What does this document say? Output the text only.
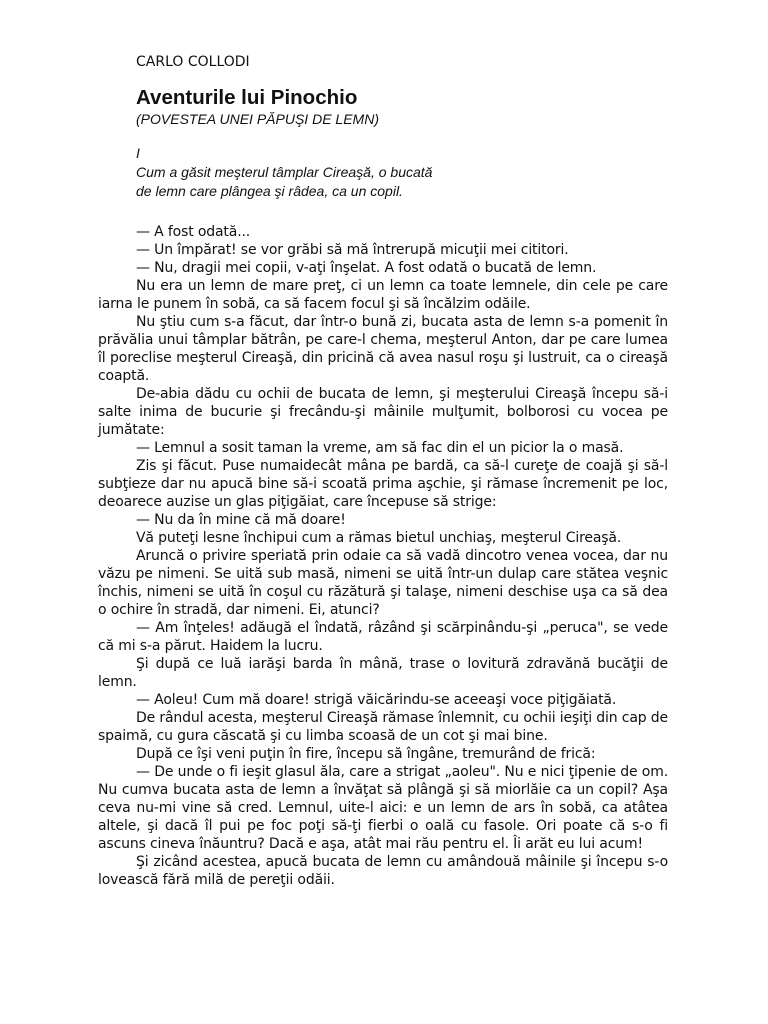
CARLO COLLODI

Aventurile lui Pinochio

(POVESTEA UNEI PĂPUŞI DE LEMN)

I

Cum a găsit meşterul tâmplar Cireaşă, o bucată
de lemn care plângea şi râdea, ca un copil.

— A fost odată...

— Un împărat! se vor grăbi să mă întrerupă micuţii mei cititori.

— Nu, dragii mei copii, v-aţi înşelat. A fost odată o bucată de lemn.

Nu era un lemn de mare preţ, ci un lemn ca toate lemnele, din cele pe care iarna le punem în sobă, ca să facem focul şi să încălzim odăile.

Nu ştiu cum s-a făcut, dar într-o bună zi, bucata asta de lemn s-a pomenit în prăvălia unui tâmplar bătrân, pe care-l chema, meşterul Anton, dar pe care lumea îl poreclise meşterul Cireaşă, din pricină că avea nasul roşu şi lustruit, ca o cireaşă coaptă.

De-abia dădu cu ochii de bucata de lemn, şi meşterului Cireaşă începu să-i salte inima de bucurie şi frecându-şi mâinile mulţumit, bolborosi cu vocea pe jumătate:

— Lemnul a sosit taman la vreme, am să fac din el un picior la o masă.

Zis şi făcut. Puse numaidecât mâna pe bardă, ca să-l cureţe de coajă şi să-l subţieze dar nu apucă bine să-i scoată prima aşchie, şi rămase încremenit pe loc, deoarece auzise un glas piţigăiat, care începuse să strige:

— Nu da în mine că mă doare!

Vă puteţi lesne închipui cum a rămas bietul unchiaş, meşterul Cireaşă.

Aruncă o privire speriată prin odaie ca să vadă dincotro venea vocea, dar nu văzu pe nimeni. Se uită sub masă, nimeni se uită într-un dulap care stătea veşnic închis, nimeni se uită în coşul cu răzătură şi talaşe, nimeni deschise uşa ca să dea o ochire în stradă, dar nimeni. Ei, atunci?

— Am înţeles! adăugă el îndată, râzând şi scărpinându-şi „peruca", se vede că mi s-a părut. Haidem la lucru.

Şi după ce luă iarăşi barda în mână, trase o lovitură zdravănă bucăţii de lemn.

— Aoleu! Cum mă doare! strigă văicărindu-se aceeaşi voce piţigăiată.

De rândul acesta, meşterul Cireaşă rămase înlemnit, cu ochii ieşiţi din cap de spaimă, cu gura căscată şi cu limba scoasă de un cot şi mai bine.

După ce îşi veni puţin în fire, începu să îngâne, tremurând de frică:

— De unde o fi ieşit glasul ăla, care a strigat „aoleu". Nu e nici ţipenie de om. Nu cumva bucata asta de lemn a învăţat să plângă şi să miorlăie ca un copil? Aşa ceva nu-mi vine să cred. Lemnul, uite-l aici: e un lemn de ars în sobă, ca atâtea altele, şi dacă îl pui pe foc poţi să-ţi fierbi o oală cu fasole. Ori poate că s-o fi ascuns cineva înăuntru? Dacă e aşa, atât mai rău pentru el. Îi arăt eu lui acum!

Şi zicând acestea, apucă bucata de lemn cu amândouă mâinile şi începu s-o lovească fără milă de pereţii odăii.
